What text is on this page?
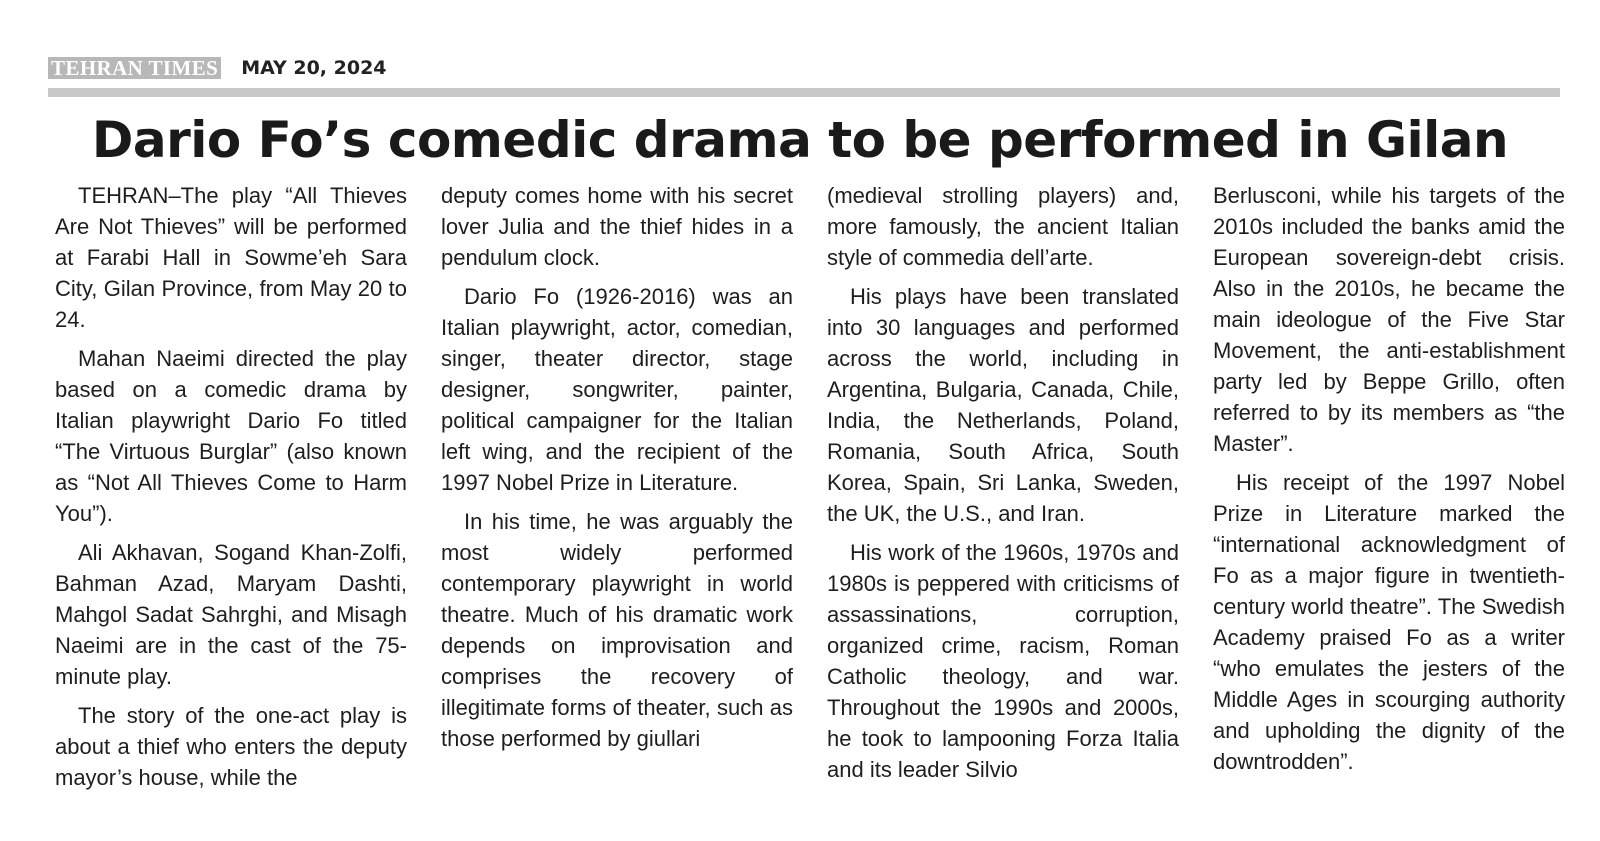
TEHRAN TIMES MAY 20, 2024
Dario Fo’s comedic drama to be performed in Gilan

TEHRAN–The play “All Thieves Are Not Thieves” will be performed at Farabi Hall in Sowme’eh Sara City, Gilan Province, from May 20 to 24.

Mahan Naeimi directed the play based on a comedic drama by Italian playwright Dario Fo titled “The Virtuous Burglar” (also known as “Not All Thieves Come to Harm You”).

Ali Akhavan, Sogand Khan-Zolfi, Bahman Azad, Maryam Dashti, Mahgol Sadat Sahrghi, and Misagh Naeimi are in the cast of the 75-minute play.

The story of the one-act play is about a thief who enters the deputy mayor’s house, while the

deputy comes home with his secret lover Julia and the thief hides in a pendulum clock.

Dario Fo (1926-2016) was an Italian playwright, actor, comedian, singer, theater director, stage designer, songwriter, painter, political campaigner for the Italian left wing, and the recipient of the 1997 Nobel Prize in Literature.

In his time, he was arguably the most widely performed contemporary playwright in world theatre. Much of his dramatic work depends on improvisation and comprises the recovery of illegitimate forms of theater, such as those performed by giullari

(medieval strolling players) and, more famously, the ancient Italian style of commedia dell’arte.

His plays have been translated into 30 languages and performed across the world, including in Argentina, Bulgaria, Canada, Chile, India, the Netherlands, Poland, Romania, South Africa, South Korea, Spain, Sri Lanka, Sweden, the UK, the U.S., and Iran.

His work of the 1960s, 1970s and 1980s is peppered with criticisms of assassinations, corruption, organized crime, racism, Roman Catholic theology, and war. Throughout the 1990s and 2000s, he took to lampooning Forza Italia and its leader Silvio

Berlusconi, while his targets of the 2010s included the banks amid the European sovereign-debt crisis. Also in the 2010s, he became the main ideologue of the Five Star Movement, the anti-establishment party led by Beppe Grillo, often referred to by its members as “the Master”.

His receipt of the 1997 Nobel Prize in Literature marked the “international acknowledgment of Fo as a major figure in twentieth-century world theatre”. The Swedish Academy praised Fo as a writer “who emulates the jesters of the Middle Ages in scourging authority and upholding the dignity of the downtrodden”.
